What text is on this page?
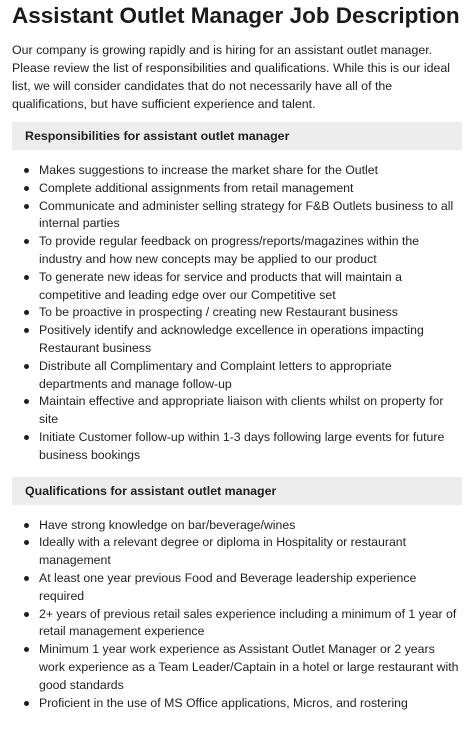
Assistant Outlet Manager Job Description

Our company is growing rapidly and is hiring for an assistant outlet manager. Please review the list of responsibilities and qualifications. While this is our ideal list, we will consider candidates that do not necessarily have all of the qualifications, but have sufficient experience and talent.

Responsibilities for assistant outlet manager
Makes suggestions to increase the market share for the Outlet
Complete additional assignments from retail management
Communicate and administer selling strategy for F&B Outlets business to all internal parties
To provide regular feedback on progress/reports/magazines within the industry and how new concepts may be applied to our product
To generate new ideas for service and products that will maintain a competitive and leading edge over our Competitive set
To be proactive in prospecting / creating new Restaurant business
Positively identify and acknowledge excellence in operations impacting Restaurant business
Distribute all Complimentary and Complaint letters to appropriate departments and manage follow-up
Maintain effective and appropriate liaison with clients whilst on property for site
Initiate Customer follow-up within 1-3 days following large events for future business bookings
Qualifications for assistant outlet manager
Have strong knowledge on bar/beverage/wines
Ideally with a relevant degree or diploma in Hospitality or restaurant management
At least one year previous Food and Beverage leadership experience required
2+ years of previous retail sales experience including a minimum of 1 year of retail management experience
Minimum 1 year work experience as Assistant Outlet Manager or 2 years work experience as a Team Leader/Captain in a hotel or large restaurant with good standards
Proficient in the use of MS Office applications, Micros, and rostering
